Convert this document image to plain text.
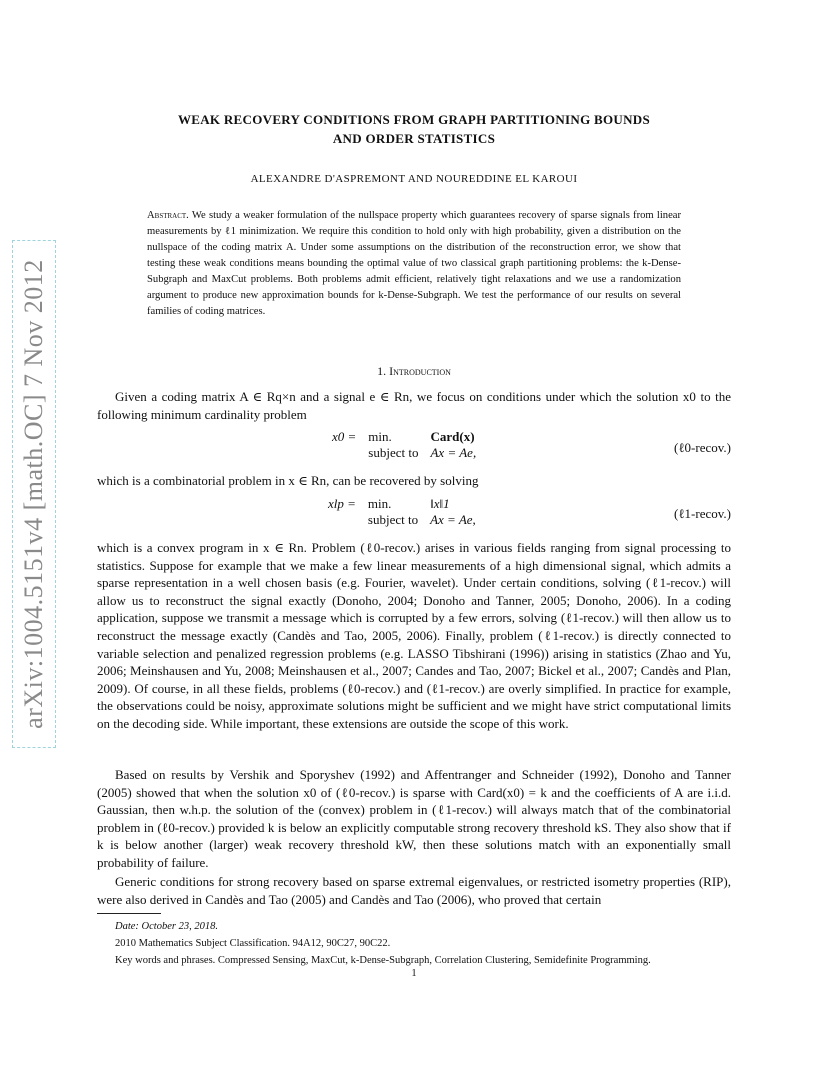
arXiv:1004.5151v4 [math.OC] 7 Nov 2012
WEAK RECOVERY CONDITIONS FROM GRAPH PARTITIONING BOUNDS
AND ORDER STATISTICS
ALEXANDRE D'ASPREMONT AND NOUREDDINE EL KAROUI
Abstract. We study a weaker formulation of the nullspace property which guarantees recovery of sparse signals from linear measurements by ℓ1 minimization. We require this condition to hold only with high probability, given a distribution on the nullspace of the coding matrix A. Under some assumptions on the distribution of the reconstruction error, we show that testing these weak conditions means bounding the optimal value of two classical graph partitioning problems: the k-Dense-Subgraph and MaxCut problems. Both problems admit efficient, relatively tight relaxations and we use a randomization argument to produce new approximation bounds for k-Dense-Subgraph. We test the performance of our results on several families of coding matrices.
1. Introduction

Given a coding matrix A ∈ Rq×n and a signal e ∈ Rn, we focus on conditions under which the solution x0 to the following minimum cardinality problem

x0 =	min.	Card(x)
	subject to	Ax = Ae,	(ℓ0-recov.)

which is a combinatorial problem in x ∈ Rn, can be recovered by solving

xlp =	min.	‖x‖1
	subject to	Ax = Ae,	(ℓ1-recov.)

which is a convex program in x ∈ Rn. Problem (ℓ0-recov.) arises in various fields ranging from signal processing to statistics. Suppose for example that we make a few linear measurements of a high dimensional signal, which admits a sparse representation in a well chosen basis (e.g. Fourier, wavelet). Under certain conditions, solving (ℓ1-recov.) will allow us to reconstruct the signal exactly (Donoho, 2004; Donoho and Tanner, 2005; Donoho, 2006). In a coding application, suppose we transmit a message which is corrupted by a few errors, solving (ℓ1-recov.) will then allow us to reconstruct the message exactly (Candès and Tao, 2005, 2006). Finally, problem (ℓ1-recov.) is directly connected to variable selection and penalized regression problems (e.g. LASSO Tibshirani (1996)) arising in statistics (Zhao and Yu, 2006; Meinshausen and Yu, 2008; Meinshausen et al., 2007; Candes and Tao, 2007; Bickel et al., 2007; Candès and Plan, 2009). Of course, in all these fields, problems (ℓ0-recov.) and (ℓ1-recov.) are overly simplified. In practice for example, the observations could be noisy, approximate solutions might be sufficient and we might have strict computational limits on the decoding side. While important, these extensions are outside the scope of this work.

Based on results by Vershik and Sporyshev (1992) and Affentranger and Schneider (1992), Donoho and Tanner (2005) showed that when the solution x0 of (ℓ0-recov.) is sparse with Card(x0) = k and the coefficients of A are i.i.d. Gaussian, then w.h.p. the solution of the (convex) problem in (ℓ1-recov.) will always match that of the combinatorial problem in (ℓ0-recov.) provided k is below an explicitly computable strong recovery threshold kS. They also show that if k is below another (larger) weak recovery threshold kW, then these solutions match with an exponentially small probability of failure.

Generic conditions for strong recovery based on sparse extremal eigenvalues, or restricted isometry properties (RIP), were also derived in Candès and Tao (2005) and Candès and Tao (2006), who proved that certain

Date: October 23, 2018.
2010 Mathematics Subject Classification. 94A12, 90C27, 90C22.
Key words and phrases. Compressed Sensing, MaxCut, k-Dense-Subgraph, Correlation Clustering, Semidefinite Programming.
1
